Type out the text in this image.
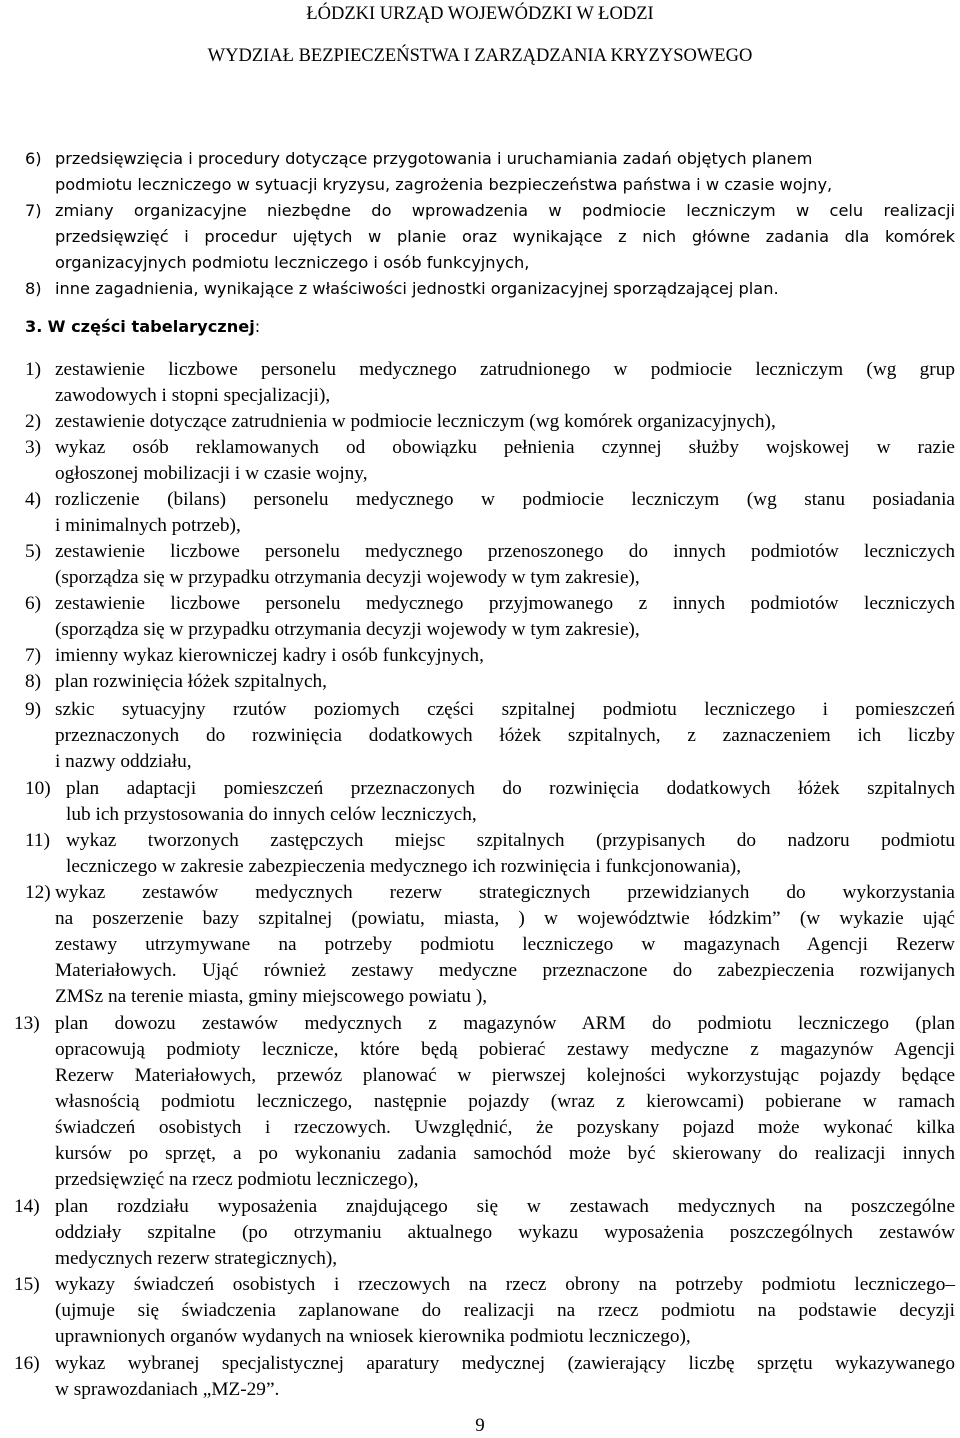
ŁÓDZKI URZĄD WOJEWÓDZKI W ŁODZI
WYDZIAŁ BEZPIECZEŃSTWA I ZARZĄDZANIA KRYZYSOWEGO
6) przedsięwzięcia i procedury dotyczące przygotowania i uruchamiania zadań objętych planem
podmiotu leczniczego w sytuacji kryzysu, zagrożenia bezpieczeństwa państwa i w czasie wojny,
7) zmiany organizacyjne niezbędne do wprowadzenia w podmiocie leczniczym w celu realizacji
przedsięwzięć i procedur ujętych w planie oraz wynikające z nich główne zadania dla komórek
organizacyjnych podmiotu leczniczego i osób funkcyjnych,
8) inne zagadnienia, wynikające z właściwości jednostki organizacyjnej sporządzającej plan.
3. W części tabelarycznej:
1) zestawienie liczbowe personelu medycznego zatrudnionego w podmiocie leczniczym (wg grup
zawodowych i stopni specjalizacji),
2) zestawienie dotyczące zatrudnienia w podmiocie leczniczym (wg komórek organizacyjnych),
3) wykaz osób reklamowanych od obowiązku pełnienia czynnej służby wojskowej w razie
ogłoszonej mobilizacji i w czasie wojny,
4) rozliczenie (bilans) personelu medycznego w podmiocie leczniczym (wg stanu posiadania
i minimalnych potrzeb),
5) zestawienie liczbowe personelu medycznego przenoszonego do innych podmiotów leczniczych
(sporządza się w przypadku otrzymania decyzji wojewody w tym zakresie),
6) zestawienie liczbowe personelu medycznego przyjmowanego z innych podmiotów leczniczych
(sporządza się w przypadku otrzymania decyzji wojewody w tym zakresie),
7) imienny wykaz kierowniczej kadry i osób funkcyjnych,
8) plan rozwinięcia łóżek szpitalnych,
9) szkic sytuacyjny rzutów poziomych części szpitalnej podmiotu leczniczego i pomieszczeń
przeznaczonych do rozwinięcia dodatkowych łóżek szpitalnych, z zaznaczeniem ich liczby
i nazwy oddziału,
10) plan adaptacji pomieszczeń przeznaczonych do rozwinięcia dodatkowych łóżek szpitalnych
lub ich przystosowania do innych celów leczniczych,
11) wykaz tworzonych zastępczych miejsc szpitalnych (przypisanych do nadzoru podmiotu
leczniczego w zakresie zabezpieczenia medycznego ich rozwinięcia i funkcjonowania),
12) wykaz zestawów medycznych rezerw strategicznych przewidzianych do wykorzystania
na poszerzenie bazy szpitalnej (powiatu, miasta, ) w województwie łódzkim” (w wykazie ująć
zestawy utrzymywane na potrzeby podmiotu leczniczego w magazynach Agencji Rezerw
Materiałowych. Ująć również zestawy medyczne przeznaczone do zabezpieczenia rozwijanych
ZMSz na terenie miasta, gminy miejscowego powiatu ),
13) plan dowozu zestawów medycznych z magazynów ARM do podmiotu leczniczego (plan
opracowują podmioty lecznicze, które będą pobierać zestawy medyczne z magazynów Agencji
Rezerw Materiałowych, przewóz planować w pierwszej kolejności wykorzystując pojazdy będące
własnością podmiotu leczniczego, następnie pojazdy (wraz z kierowcami) pobierane w ramach
świadczeń osobistych i rzeczowych. Uwzględnić, że pozyskany pojazd może wykonać kilka
kursów po sprzęt, a po wykonaniu zadania samochód może być skierowany do realizacji innych
przedsięwzięć na rzecz podmiotu leczniczego),
14) plan rozdziału wyposażenia znajdującego się w zestawach medycznych na poszczególne
oddziały szpitalne (po otrzymaniu aktualnego wykazu wyposażenia poszczególnych zestawów
medycznych rezerw strategicznych),
15) wykazy świadczeń osobistych i rzeczowych na rzecz obrony na potrzeby podmiotu leczniczego–
(ujmuje się świadczenia zaplanowane do realizacji na rzecz podmiotu na podstawie decyzji
uprawnionych organów wydanych na wniosek kierownika podmiotu leczniczego),
16) wykaz wybranej specjalistycznej aparatury medycznej (zawierający liczbę sprzętu wykazywanego
w sprawozdaniach „MZ-29”.
9
